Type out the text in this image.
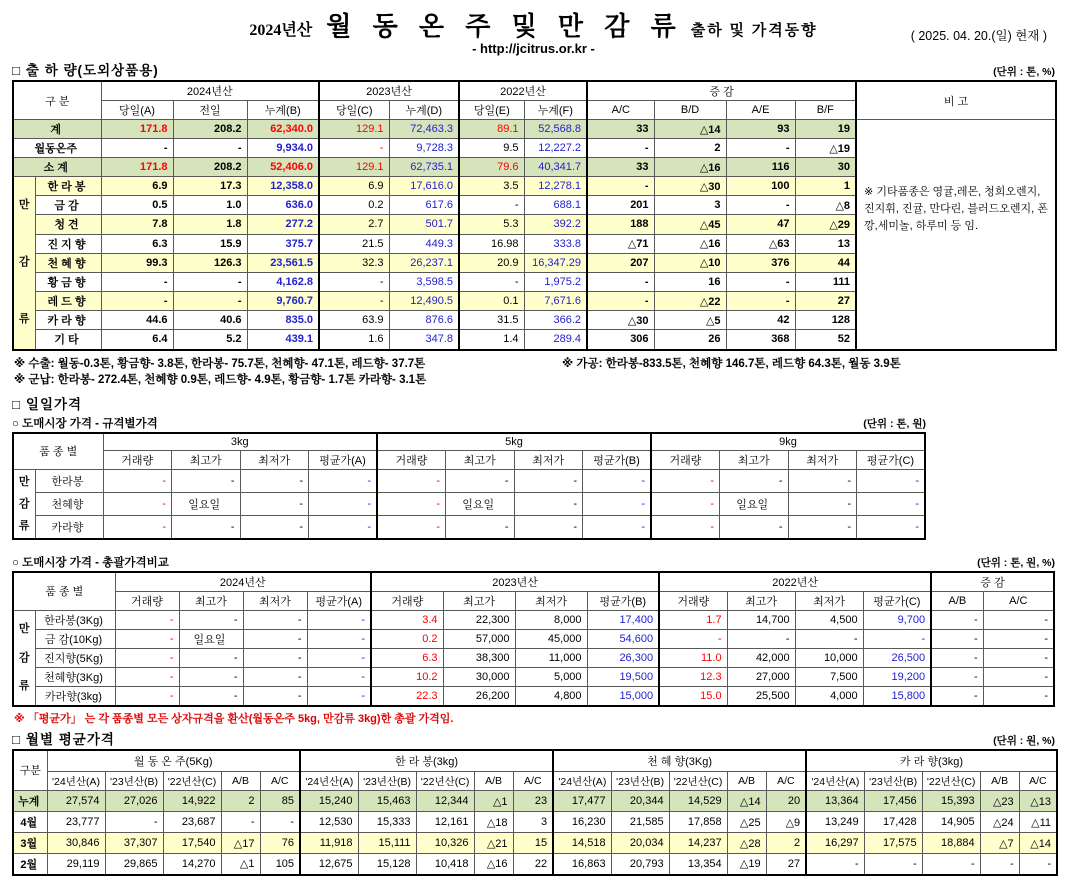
2024년산 월 동 온 주 및 만 감 류 출하 및 가격동향
- http://jcitrus.or.kr -
( 2025. 04. 20.(일) 현재 )
□ 출 하 량(도외상품용)	(단위 : 톤, %)
구 분		2024년산			2023년산		2022년산		증 감				비 고
		당일(A)	전일	누계(B)	당일(C)	누계(D)	당일(E)	누계(F)	A/C	B/D	A/E	B/F	
계		171.8	208.2	62,340.0	129.1	72,463.3	89.1	52,568.8	33	△14	93	19	※ 기타품종은 영귤,레몬, 청희오렌지, 진지휘, 진귤, 만다린, 블러드오렌지, 폰깡,세미놀, 하루미 등 임.
월동온주		-	-	9,934.0	-	9,728.3	9.5	12,227.2	-	2	-	△19	
소 계		171.8	208.2	52,406.0	129.1	62,735.1	79.6	40,341.7	33	△16	116	30	
만
감
류	한 라 봉	6.9	17.3	12,358.0	6.9	17,616.0	3.5	12,278.1	-	△30	100	1	
	금 감	0.5	1.0	636.0	0.2	617.6	-	688.1	201	3	-	△8	
	청 견	7.8	1.8	277.2	2.7	501.7	5.3	392.2	188	△45	47	△29	
	진 지 향	6.3	15.9	375.7	21.5	449.3	16.98	333.8	△71	△16	△63	13	
	천 혜 향	99.3	126.3	23,561.5	32.3	26,237.1	20.9	16,347.29	207	△10	376	44	
	황 금 향	-	-	4,162.8	-	3,598.5	-	1,975.2	-	16	-	111	
	레 드 향	-	-	9,760.7	-	12,490.5	0.1	7,671.6	-	△22	-	27	
	카 라 향	44.6	40.6	835.0	63.9	876.6	31.5	366.2	△30	△5	42	128	
	기 타	6.4	5.2	439.1	1.6	347.8	1.4	289.4	306	26	368	52	
※ 수출: 월동-0.3톤, 황금향- 3.8톤, 한라봉- 75.7톤, 천혜향- 47.1톤, 레드향- 37.7톤	※ 가공: 한라봉-833.5톤, 천혜향 146.7톤, 레드향 64.3톤, 월동 3.9톤
※ 군납: 한라봉- 272.4톤, 천혜향 0.9톤, 레드향- 4.9톤, 황금향- 1.7톤 카라향- 3.1톤
□ 일일가격
○ 도매시장 가격 - 규격별가격	(단위 : 톤, 원)
품 종 별		3kg				5kg				9kg			
		거래량	최고가	최저가	평균가(A)	거래량	최고가	최저가	평균가(B)	거래량	최고가	최저가	평균가(C)
만
감
류	한라봉	-	-	-	-	-	-	-	-	-	-	-	-
	천혜향	-	일요일	-	-	-	일요일	-	-	-	일요일	-	-
	카라향	-	-	-	-	-	-	-	-	-	-	-	-
○ 도매시장 가격 - 총괄가격비교	(단위 : 톤, 원, %)
품 종 별		2024년산				2023년산				2022년산				증 감	
		거래량	최고가	최저가	평균가(A)	거래량	최고가	최저가	평균가(B)	거래량	최고가	최저가	평균가(C)	A/B	A/C
만
감
류	한라봉(3Kg)	-	-	-	-	3.4	22,300	8,000	17,400	1.7	14,700	4,500	9,700	-	-
	금 감(10Kg)	-	일요일	-	-	0.2	57,000	45,000	54,600	-	-	-	-	-	-
	진지향(5Kg)	-	-	-	-	6.3	38,300	11,000	26,300	11.0	42,000	10,000	26,500	-	-
	천혜향(3Kg)	-	-	-	-	10.2	30,000	5,000	19,500	12.3	27,000	7,500	19,200	-	-
	카라향(3kg)	-	-	-	-	22.3	26,200	4,800	15,000	15.0	25,500	4,000	15,800	-	-
※ 「평균가」 는 각 품종별 모든 상자규격을 환산(월동온주 5kg, 만감류 3kg)한 총괄 가격임.
□ 월별 평균가격	(단위 : 원, %)
구분	월 동 온 주(5Kg)					한 라 봉(3kg)					천 혜 향(3Kg)					카 라 향(3kg)				
	'24년산(A)	'23년산(B)	'22년산(C)	A/B	A/C	'24년산(A)	'23년산(B)	'22년산(C)	A/B	A/C	'24년산(A)	'23년산(B)	'22년산(C)	A/B	A/C	'24년산(A)	'23년산(B)	'22년산(C)	A/B	A/C
누계	27,574	27,026	14,922	2	85	15,240	15,463	12,344	△1	23	17,477	20,344	14,529	△14	20	13,364	17,456	15,393	△23	△13
4월	23,777	-	23,687	-	-	12,530	15,333	12,161	△18	3	16,230	21,585	17,858	△25	△9	13,249	17,428	14,905	△24	△11
3월	30,846	37,307	17,540	△17	76	11,918	15,111	10,326	△21	15	14,518	20,034	14,237	△28	2	16,297	17,575	18,884	△7	△14
2월	29,119	29,865	14,270	△1	105	12,675	15,128	10,418	△16	22	16,863	20,793	13,354	△19	27	-	-	-	-	-
